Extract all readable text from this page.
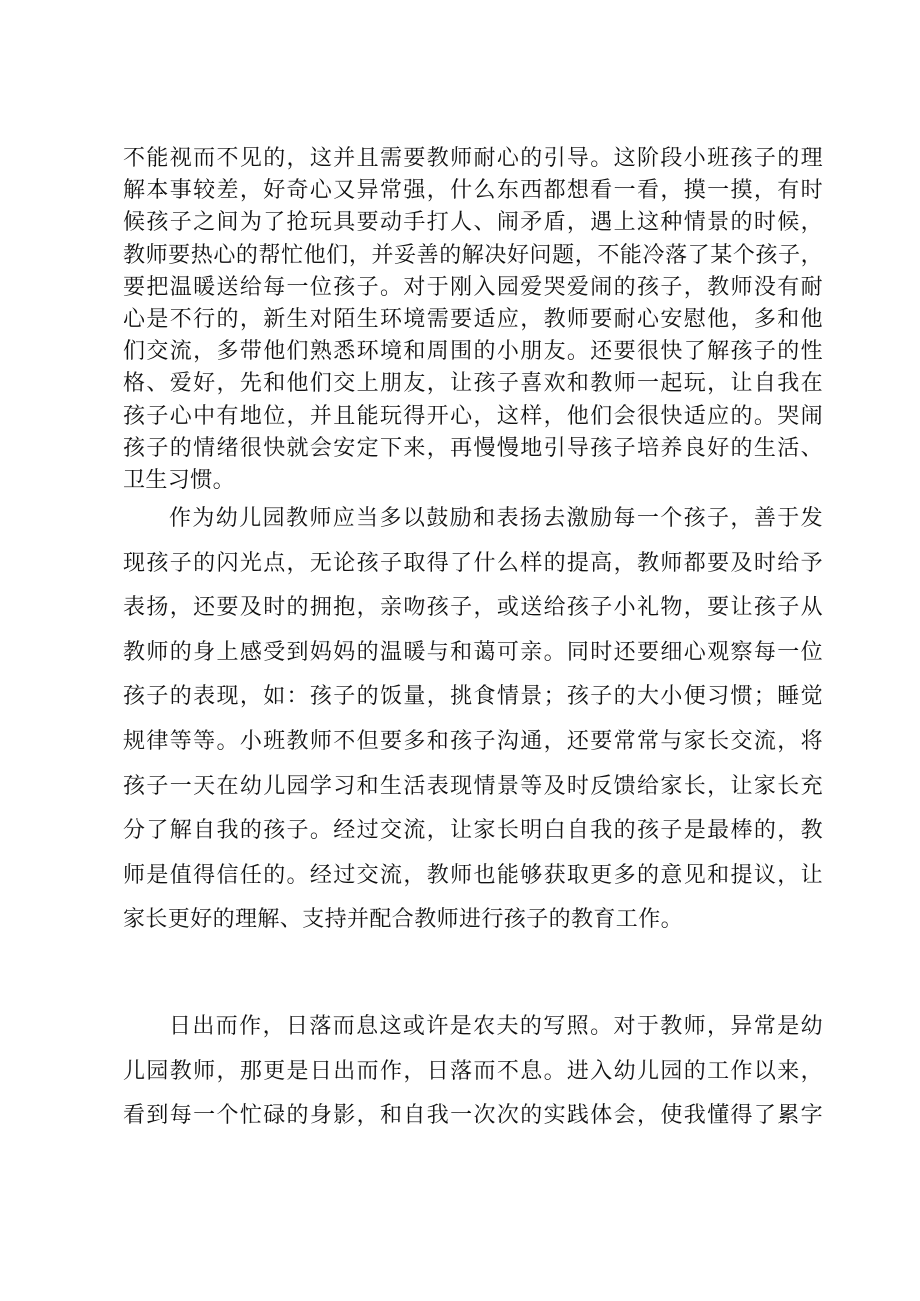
不能视而不见的，这并且需要教师耐心的引导。这阶段小班孩子的理
解本事较差，好奇心又异常强，什么东西都想看一看，摸一摸，有时
候孩子之间为了抢玩具要动手打人、闹矛盾，遇上这种情景的时候，
教师要热心的帮忙他们，并妥善的解决好问题，不能冷落了某个孩子，
要把温暖送给每一位孩子。对于刚入园爱哭爱闹的孩子，教师没有耐
心是不行的，新生对陌生环境需要适应，教师要耐心安慰他，多和他
们交流，多带他们熟悉环境和周围的小朋友。还要很快了解孩子的性
格、爱好，先和他们交上朋友，让孩子喜欢和教师一起玩，让自我在
孩子心中有地位，并且能玩得开心，这样，他们会很快适应的。哭闹
孩子的情绪很快就会安定下来，再慢慢地引导孩子培养良好的生活、
卫生习惯。
作为幼儿园教师应当多以鼓励和表扬去激励每一个孩子，善于发
现孩子的闪光点，无论孩子取得了什么样的提高，教师都要及时给予
表扬，还要及时的拥抱，亲吻孩子，或送给孩子小礼物，要让孩子从
教师的身上感受到妈妈的温暖与和蔼可亲。同时还要细心观察每一位
孩子的表现，如：孩子的饭量，挑食情景；孩子的大小便习惯；睡觉
规律等等。小班教师不但要多和孩子沟通，还要常常与家长交流，将
孩子一天在幼儿园学习和生活表现情景等及时反馈给家长，让家长充
分了解自我的孩子。经过交流，让家长明白自我的孩子是最棒的，教
师是值得信任的。经过交流，教师也能够获取更多的意见和提议，让
家长更好的理解、支持并配合教师进行孩子的教育工作。
日出而作，日落而息这或许是农夫的写照。对于教师，异常是幼
儿园教师，那更是日出而作，日落而不息。进入幼儿园的工作以来，
看到每一个忙碌的身影，和自我一次次的实践体会，使我懂得了累字
